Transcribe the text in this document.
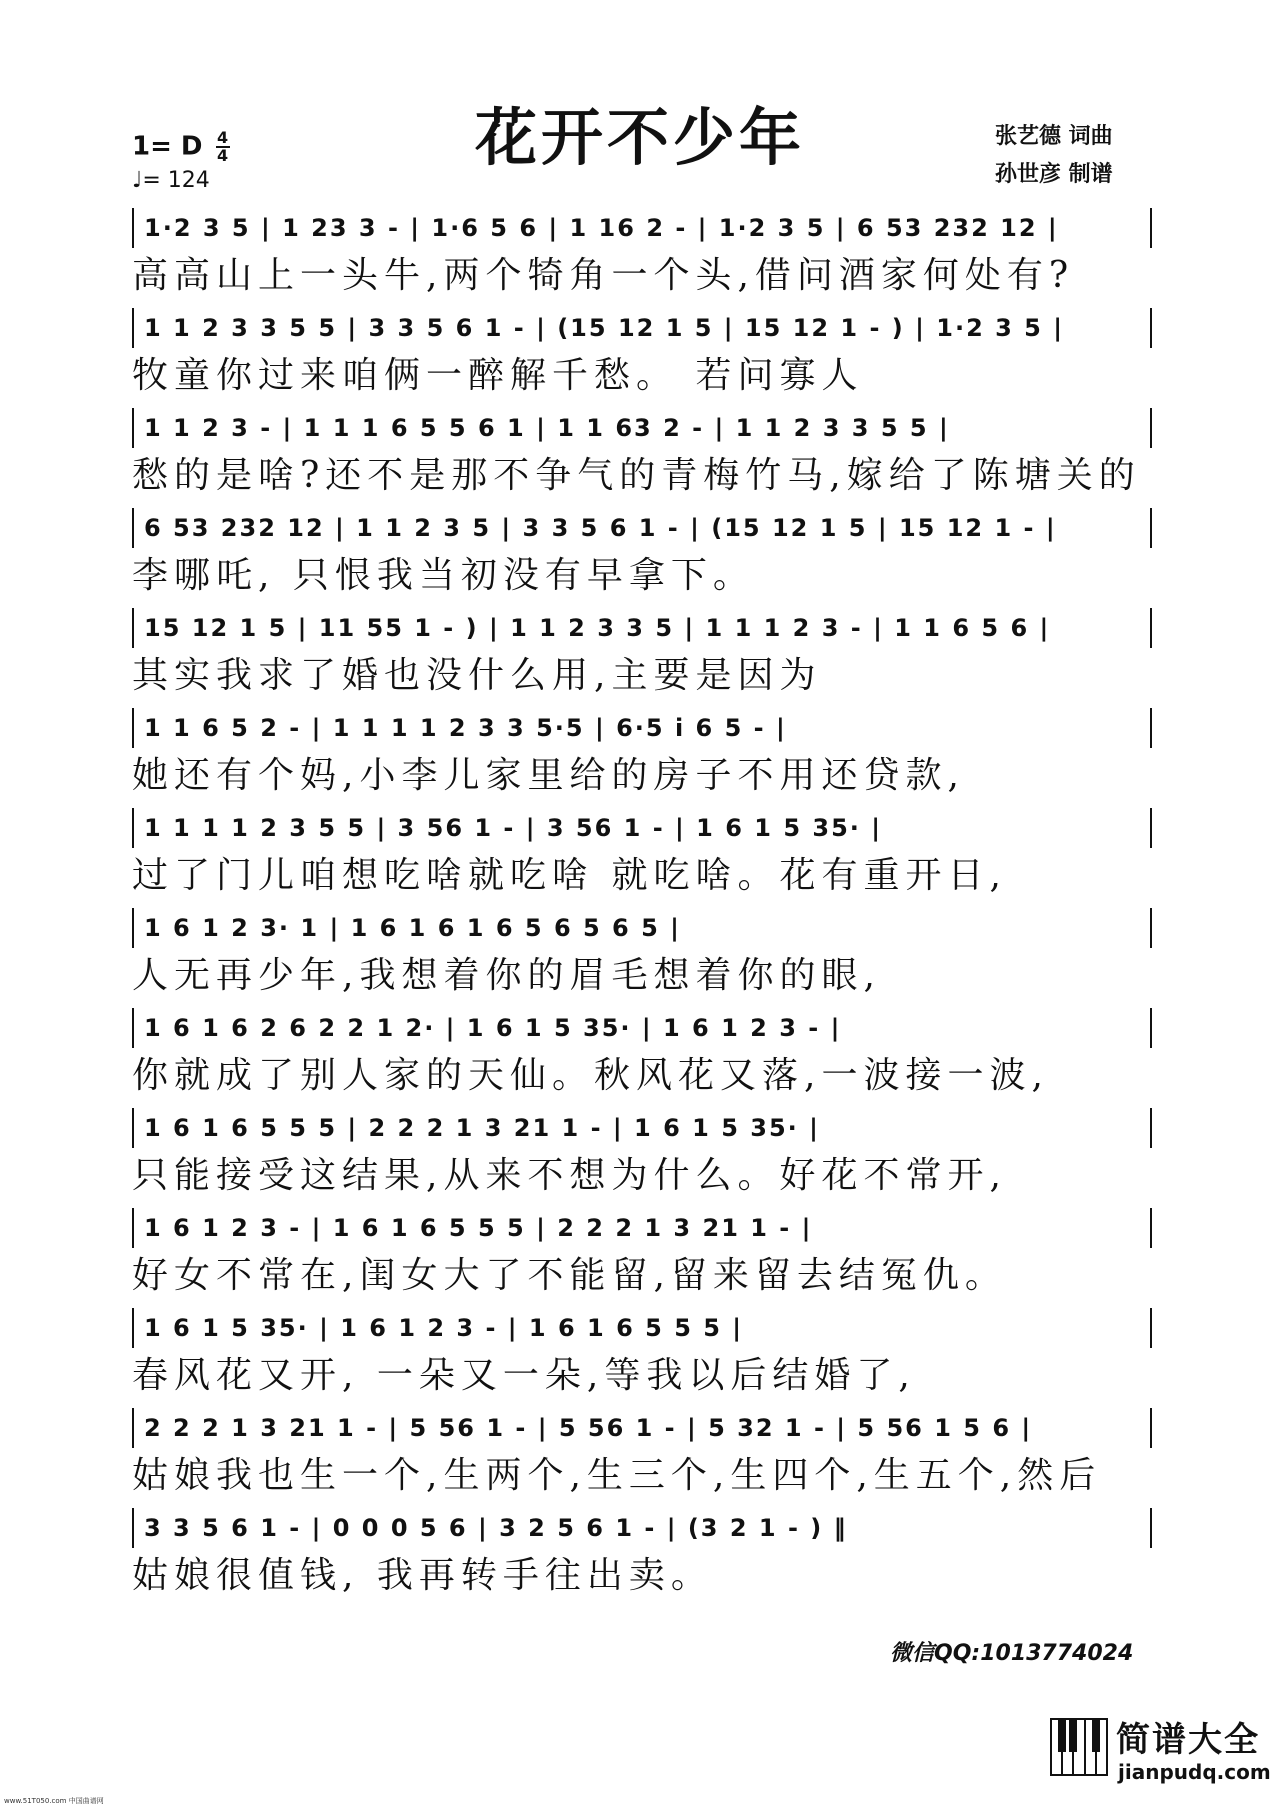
花开不少年
1= D $\frac{4}{4}$
♩= 124
张艺德 词曲
孙世彦 制谱
1·2 3 5 | 1 23 3 - | 1·6 5 6 | 1 16 2 - | 1·2 3 5 | 6 53 232 12 |
高高山上一头牛,两个犄角一个头,借问酒家何处有?
1 1 2 3 3 5 5 | 3 3 5 6 1 - | (15 12 1 5 | 15 12 1 - ) | 1·2 3 5 |
牧童你过来咱俩一醉解千愁。 若问寡人
1 1 2 3 - | 1 1 1 6 5 5 6 1 | 1 1 63 2 - | 1 1 2 3 3 5 5 |
愁的是啥?还不是那不争气的青梅竹马,嫁给了陈塘关的
6 53 232 12 | 1 1 2 3 5 | 3 3 5 6 1 - | (15 12 1 5 | 15 12 1 - |
李哪吒, 只恨我当初没有早拿下。
15 12 1 5 | 11 55 1 - ) | 1 1 2 3 3 5 | 1 1 1 2 3 - | 1 1 6 5 6 |
其实我求了婚也没什么用,主要是因为
1 1 6 5 2 - | 1 1 1 1 2 3 3 5·5 | 6·5 i 6 5 - |
她还有个妈,小李儿家里给的房子不用还贷款,
1 1 1 1 2 3 5 5 | 3 56 1 - | 3 56 1 - | 1 6 1 5 35· |
过了门儿咱想吃啥就吃啥 就吃啥。花有重开日,
1 6 1 2 3· 1 | 1 6 1 6 1 6 5 6 5 6 5 |
人无再少年,我想着你的眉毛想着你的眼,
1 6 1 6 2 6 2 2 1 2· | 1 6 1 5 35· | 1 6 1 2 3 - |
你就成了别人家的天仙。秋风花又落,一波接一波,
1 6 1 6 5 5 5 | 2 2 2 1 3 21 1 - | 1 6 1 5 35· |
只能接受这结果,从来不想为什么。好花不常开,
1 6 1 2 3 - | 1 6 1 6 5 5 5 | 2 2 2 1 3 21 1 - |
好女不常在,闺女大了不能留,留来留去结冤仇。
1 6 1 5 35· | 1 6 1 2 3 - | 1 6 1 6 5 5 5 |
春风花又开, 一朵又一朵,等我以后结婚了,
2 2 2 1 3 21 1 - | 5 56 1 - | 5 56 1 - | 5 32 1 - | 5 56 1 5 6 |
姑娘我也生一个,生两个,生三个,生四个,生五个,然后
3 3 5 6 1 - | 0 0 0 5 6 | 3 2 5 6 1 - | (3 2 1 - ) ‖
姑娘很值钱, 我再转手往出卖。
微信QQ:1013774024
简谱大全
jianpudq.com
www.51T050.com 中国曲谱网
